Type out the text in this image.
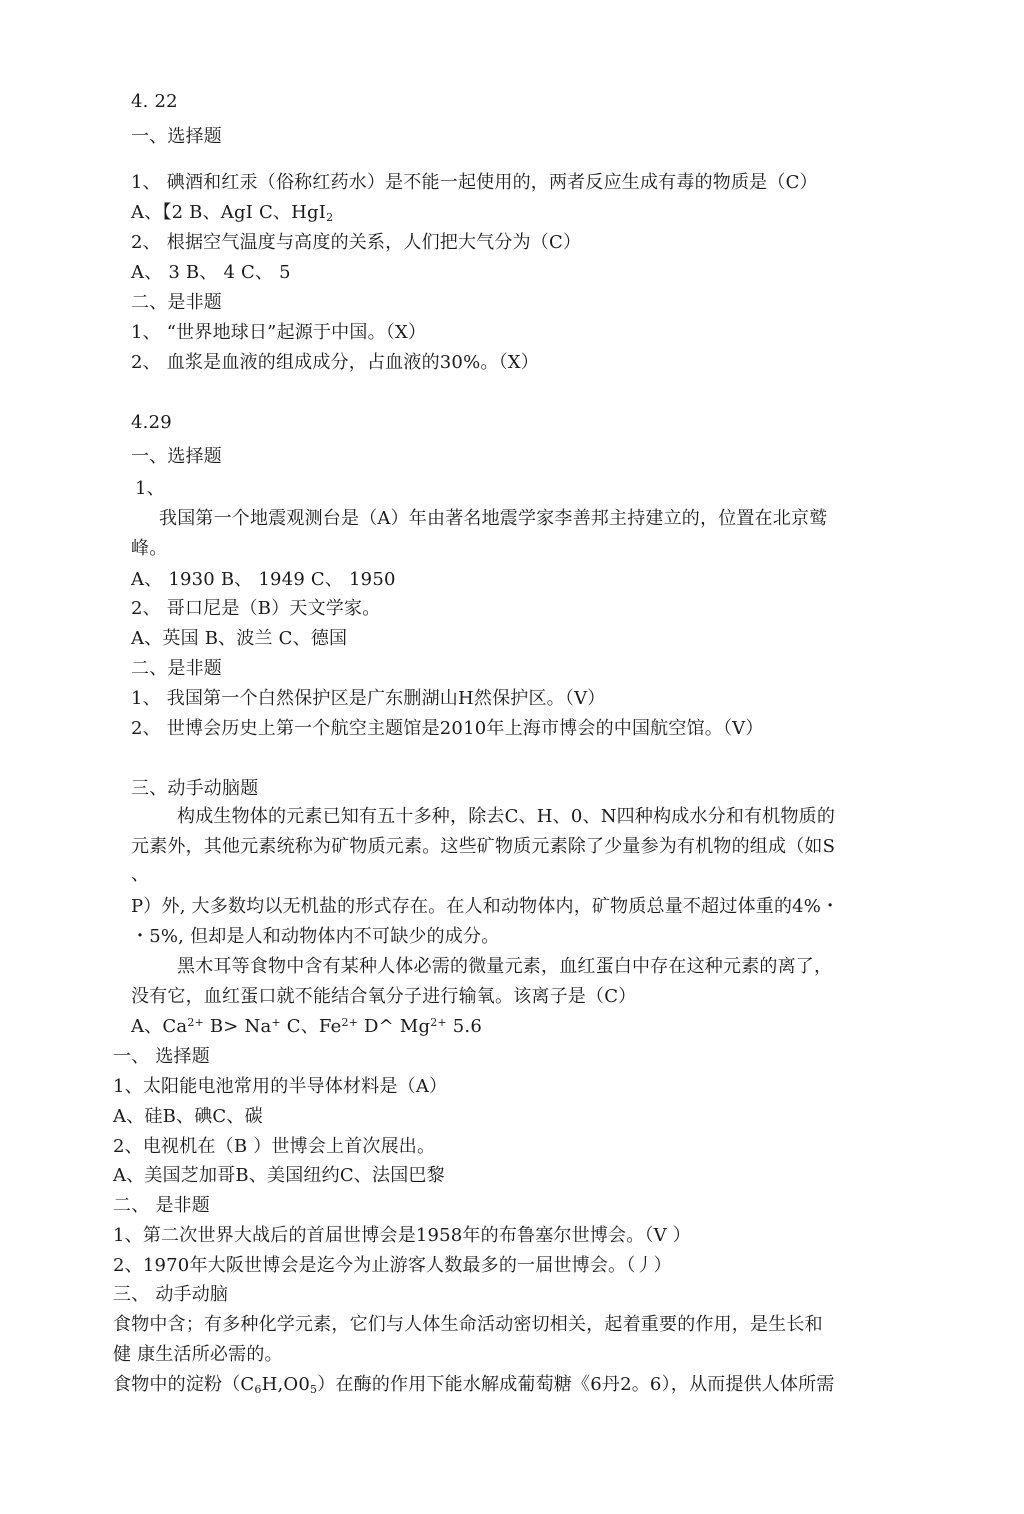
4. 22
一、选择题
1、 碘酒和红汞（俗称红药水）是不能一起使用的，两者反应生成有毒的物质是（C）
A、【2 B、AgI C、HgI$_2$
2、 根据空气温度与高度的关系，人们把大气分为（C）
A、 3 B、 4 C、 5
二、是非题
1、 “世界地球日”起源于中国。（X）
2、 血浆是血液的组成成分，占血液的30%。（X）
4.29
一、选择题
1、
我国第一个地震观测台是（A）年由著名地震学家李善邦主持建立的，位置在北京鹫
峰。
A、 1930 B、 1949 C、 1950
2、 哥口尼是（B）天文学家。
A、英国 B、波兰 C、德国
二、是非题
1、 我国第一个白然保护区是广东删湖山H然保护区。（V）
2、 世博会历史上第一个航空主题馆是2010年上海市博会的中国航空馆。（V）
三、动手动脑题
构成生物体的元素已知有五十多种，除去C、H、0、N四种构成水分和有机物质的
元素外，其他元素统称为矿物质元素。这些矿物质元素除了少量参为有机物的组成（如S
、
P）外, 大多数均以无机盐的形式存在。在人和动物体内，矿物质总量不超过体重的4%・
・5%, 但却是人和动物体内不可缺少的成分。
黑木耳等食物中含有某种人体必需的微量元素，血红蛋白中存在这种元素的离了，
没有它，血红蛋口就不能结合氧分子进行输氧。该离子是（C）
A、$Ca^{2+}$ B> Na+ C、$Fe^{2+}$ D^ $Mg^{2+}$ 5.6
一、 选择题
1、太阳能电池常用的半导体材料是（A）
A、硅B、碘C、碳
2、电视机在（B ）世博会上首次展出。
A、美国芝加哥B、美国纽约C、法国巴黎
二、 是非题
1、第二次世界大战后的首届世博会是1958年的布鲁塞尔世博会。（V ）
2、1970年大阪世博会是迄今为止游客人数最多的一届世博会。（丿）
三、 动手动脑
食物中含；有多种化学元素，它们与人体生命活动密切相关，起着重要的作用，是生长和
健 康生活所必需的。
食物中的淀粉$(C_6H,O0_5)$在酶的作用下能水解成葡萄糖《6丹2。6），从而提供人体所需
